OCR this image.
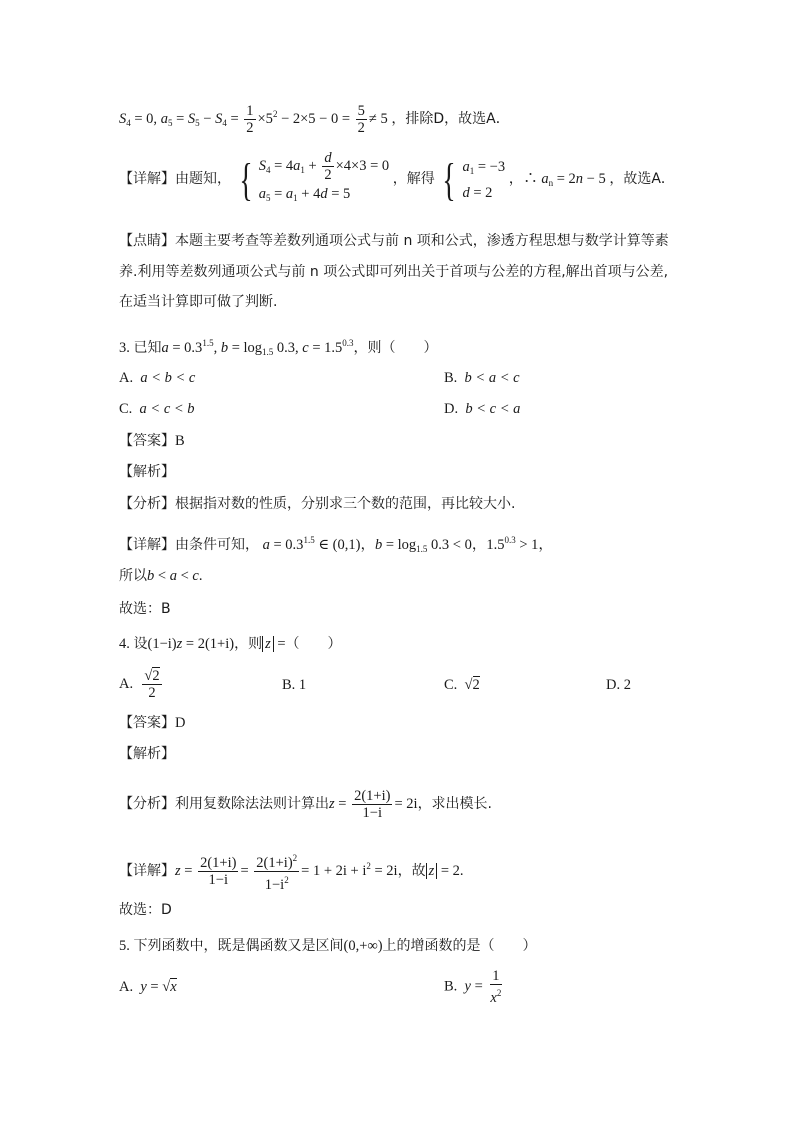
$S_4 = 0$, $a_5 = S_5 - S_4 = \frac{1}{2} \times 5^2 - 2\times 5 - 0 = \frac{5}{2} \ne 5$ ，排除D，故选A．
【详解】由题知， { $S_4 = 4a_1 + \frac{d}{2} \times 4\times 3 = 0$
$a_5 = a_1 + 4d = 5$
，解得 { $a_1 = -3$
d = 2
，∴ $a_n = 2n - 5$ ，故选A．
【点睛】本题主要考查等差数列通项公式与前 n 项和公式，渗透方程思想与数学计算等素
养.利用等差数列通项公式与前 n 项公式即可列出关于首项与公差的方程,解出首项与公差,
在适当计算即可做了判断.
3. 已知$a = 0.3^{1.5}$, $b = \log_{1.5} 0.3$, $c = 1.5^{0.3}$，则（　　）
A. a < b < c	B. b < a < c
C. a < c < b	D. b < c < a
【答案】B
【解析】
【分析】根据指对数的性质，分别求三个数的范围，再比较大小.
【详解】由条件可知， $a = 0.3^{1.5}$ ∈ (0,1)，$b = \log_{1.5} 0.3 < 0$，$1.5^{0.3} > 1$，
所以b < a < c.
故选：B
4. 设(1−i)z = 2(1+i)，则 z =（　　）
A. $\frac{√2}{2}$	B. 1	C.  √2	D. 2
【答案】D
【解析】
【分析】利用复数除法法则计算出$z = \frac{2(1+i)}{1-i} = 2i$，求出模长.
【详解】$z = \frac{2(1+i)}{1-i} = \frac{2(1+i)^2}{1-i^2} = 1 + 2i + i^2 = 2i$，故 z = 2.
故选：D
5. 下列函数中，既是偶函数又是区间(0,+∞)上的增函数的是（　　）
A. y = √x	B. $y = \frac{1}{x^2}$
